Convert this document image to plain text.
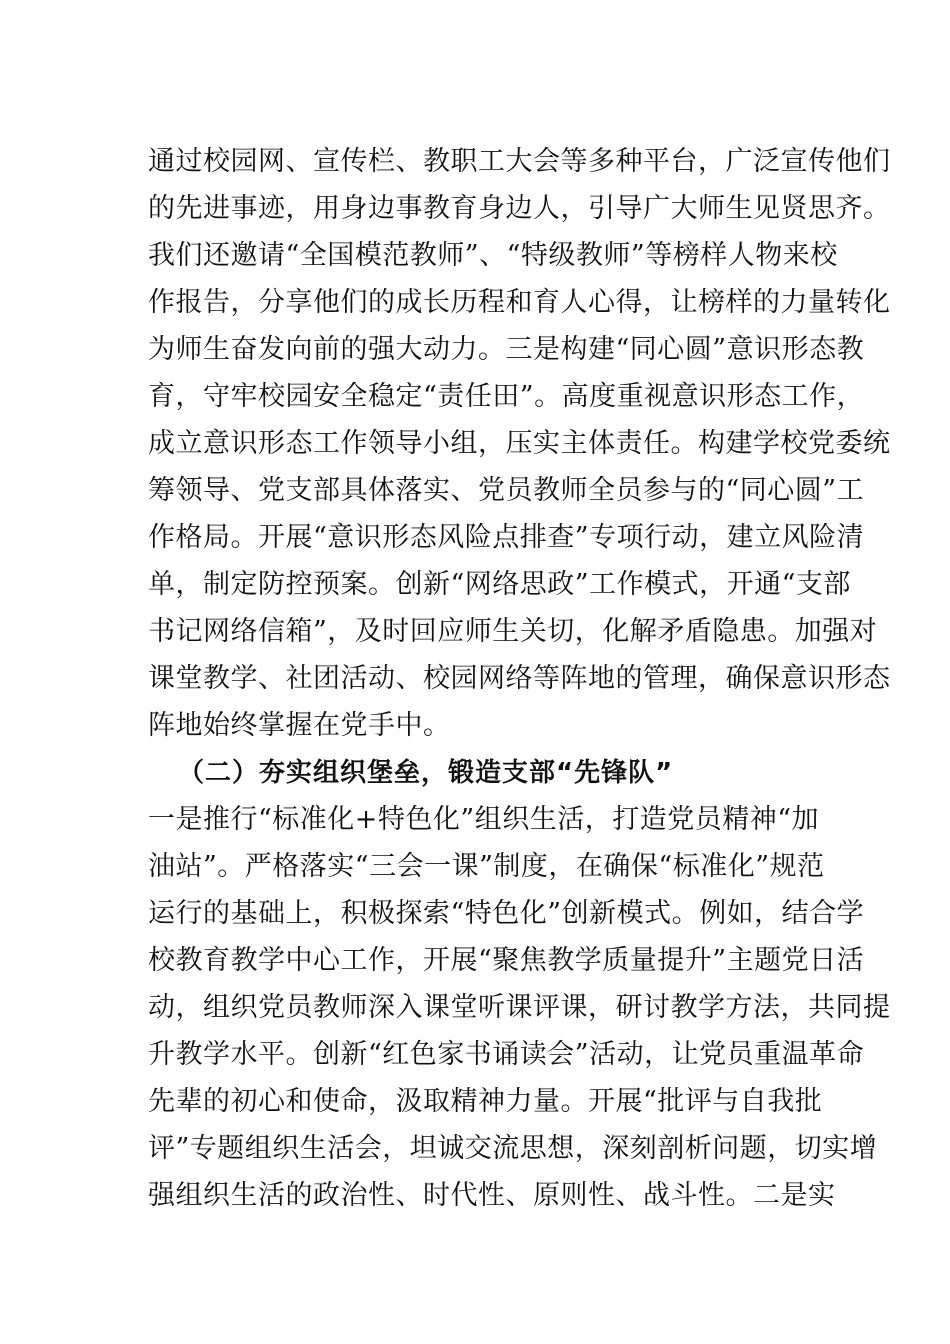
通过校园网、宣传栏、教职工大会等多种平台，广泛宣传他们
的先进事迹，用身边事教育身边人，引导广大师生见贤思齐。
我们还邀请“全国模范教师”、“特级教师”等榜样人物来校
作报告，分享他们的成长历程和育人心得，让榜样的力量转化
为师生奋发向前的强大动力。三是构建“同心圆”意识形态教
育，守牢校园安全稳定“责任田”。高度重视意识形态工作，
成立意识形态工作领导小组，压实主体责任。构建学校党委统
筹领导、党支部具体落实、党员教师全员参与的“同心圆”工
作格局。开展“意识形态风险点排查”专项行动，建立风险清
单，制定防控预案。创新“网络思政”工作模式，开通“支部
书记网络信箱”，及时回应师生关切，化解矛盾隐患。加强对
课堂教学、社团活动、校园网络等阵地的管理，确保意识形态
阵地始终掌握在党手中。
（二）夯实组织堡垒，锻造支部“先锋队”
一是推行“标准化+特色化”组织生活，打造党员精神“加
油站”。严格落实“三会一课”制度，在确保“标准化”规范
运行的基础上，积极探索“特色化”创新模式。例如，结合学
校教育教学中心工作，开展“聚焦教学质量提升”主题党日活
动，组织党员教师深入课堂听课评课，研讨教学方法，共同提
升教学水平。创新“红色家书诵读会”活动，让党员重温革命
先辈的初心和使命，汲取精神力量。开展“批评与自我批
评”专题组织生活会，坦诚交流思想，深刻剖析问题，切实增
强组织生活的政治性、时代性、原则性、战斗性。二是实
